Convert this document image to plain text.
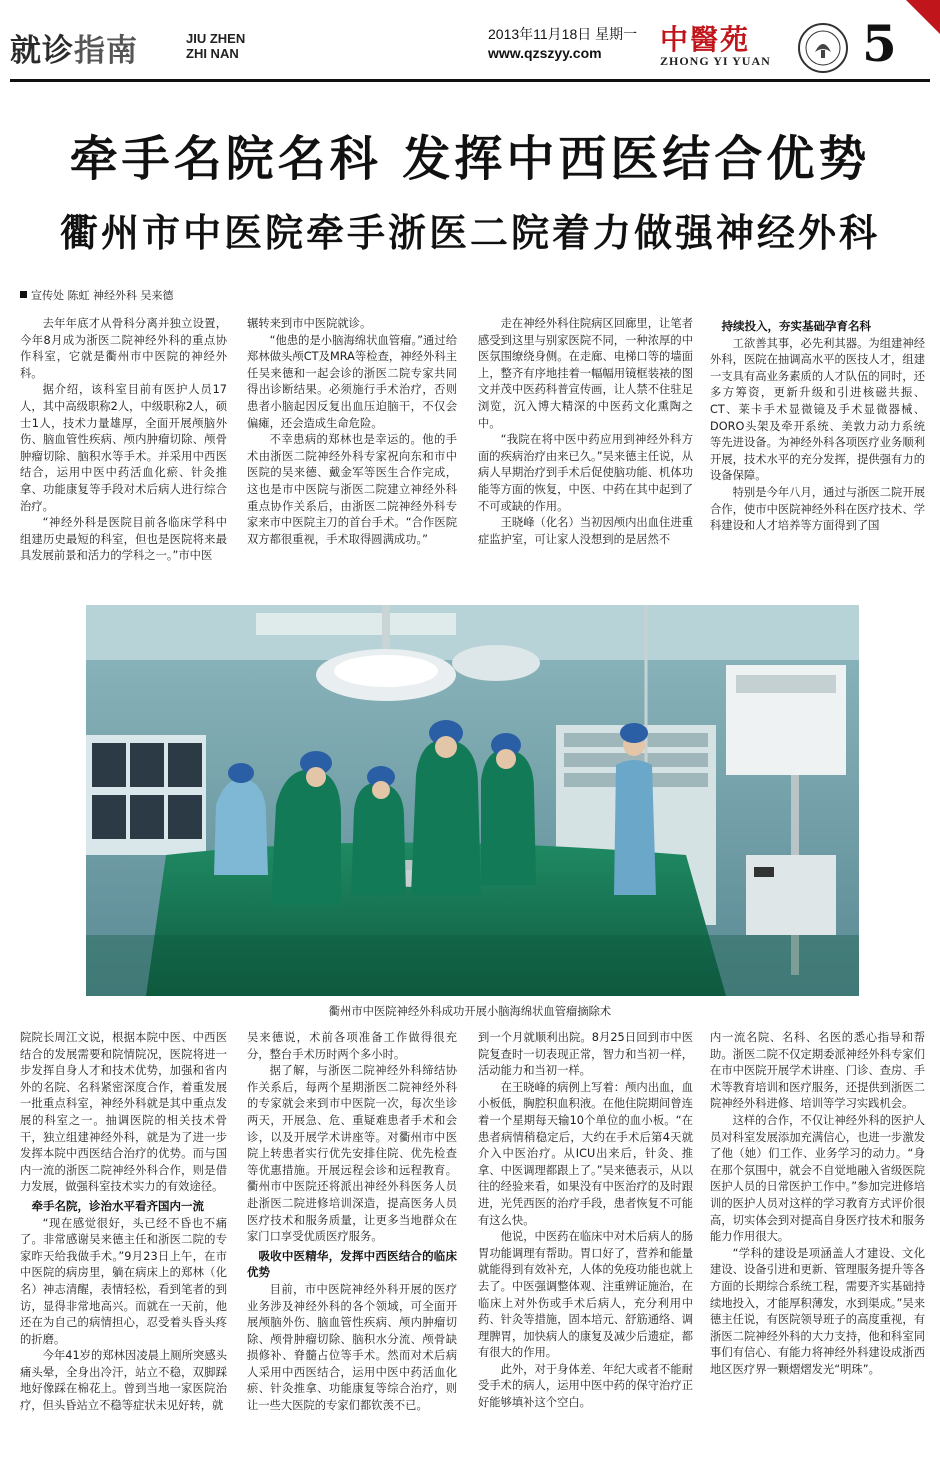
就诊指南	JIU ZHEN
ZHI NAN
2013年11月18日 星期一
www.qzszyy.com 中醫苑
ZHONG YI YUAN 5
牵手名院名科 发挥中西医结合优势
衢州市中医院牵手浙医二院着力做强神经外科
宣传处 陈虹 神经外科 吴来德

去年年底才从骨科分离并独立设置，今年8月成为浙医二院神经外科的重点协作科室，它就是衢州市中医院的神经外科。

据介绍，该科室目前有医护人员17人，其中高级职称2人，中级职称2人，硕士1人，技术力量雄厚，全面开展颅脑外伤、脑血管性疾病、颅内肿瘤切除、颅骨肿瘤切除、脑积水等手术。并采用中西医结合，运用中医中药活血化瘀、针灸推拿、功能康复等手段对术后病人进行综合治疗。

“神经外科是医院目前各临床学科中组建历史最短的科室，但也是医院将来最具发展前景和活力的学科之一。”市中医

辗转来到市中医院就诊。

“他患的是小脑海绵状血管瘤。”通过给郑林做头颅CT及MRA等检查，神经外科主任吴来德和一起会诊的浙医二院专家共同得出诊断结果。必须施行手术治疗，否则患者小脑起因反复出血压迫脑干，不仅会偏瘫，还会造成生命危险。

不幸患病的郑林也是幸运的。他的手术由浙医二院神经外科专家祝向东和市中医院的吴来德、戴金军等医生合作完成，这也是市中医院与浙医二院建立神经外科重点协作关系后，由浙医二院神经外科专家来市中医院主刀的首台手术。“合作医院双方都很重视，手术取得圆满成功。”

走在神经外科住院病区回廊里，让笔者感受到这里与别家医院不同，一种浓厚的中医氛围缭绕身侧。在走廊、电梯口等的墙面上，整齐有序地挂着一幅幅用镜框装裱的图文并茂中医药科普宣传画，让人禁不住驻足浏览，沉入博大精深的中医药文化熏陶之中。

“我院在将中医中药应用到神经外科方面的疾病治疗由来已久。”吴来德主任说，从病人早期治疗到手术后促使脑功能、机体功能等方面的恢复，中医、中药在其中起到了不可或缺的作用。

王晓峰（化名）当初因颅内出血住进重症监护室，可让家人没想到的是居然不

持续投入，夯实基础孕育名科

工欲善其事，必先利其器。为组建神经外科，医院在抽调高水平的医技人才，组建一支具有高业务素质的人才队伍的同时，还多方筹资，更新升级和引进核磁共振、CT、莱卡手术显微镜及手术显微器械、DORO头架及牵开系统、美敦力动力系统等先进设备。为神经外科各项医疗业务顺利开展，技术水平的充分发挥，提供强有力的设备保障。

特别是今年八月，通过与浙医二院开展合作，使市中医院神经外科在医疗技术、学科建设和人才培养等方面得到了国

衢州市中医院神经外科成功开展小脑海绵状血管瘤摘除术

院院长周江文说，根据本院中医、中西医结合的发展需要和院情院况，医院将进一步发挥自身人才和技术优势，加强和省内外的名院、名科紧密深度合作，着重发展一批重点科室，神经外科就是其中重点发展的科室之一。抽调医院的相关技术骨干，独立组建神经外科，就是为了进一步发挥本院中西医结合治疗的优势。而与国内一流的浙医二院神经外科合作，则是借力发展，做强科室技术实力的有效途径。

牵手名院，诊治水平看齐国内一流

“现在感觉很好，头已经不昏也不痛了。非常感谢吴来德主任和浙医二院的专家昨天给我做手术。”9月23日上午，在市中医院的病房里，躺在病床上的郑林（化名）神志清醒，表情轻松，看到笔者的到访，显得非常地高兴。而就在一天前，他还在为自己的病情担心，忍受着头昏头疼的折磨。

今年41岁的郑林因凌晨上厕所突感头痛头晕，全身出冷汗，站立不稳，双脚踩地好像踩在棉花上。曾到当地一家医院治疗，但头昏站立不稳等症状未见好转，就

吴来德说，术前各项准备工作做得很充分，整台手术历时两个多小时。

据了解，与浙医二院神经外科缔结协作关系后，每两个星期浙医二院神经外科的专家就会来到市中医院一次，每次坐诊两天，开展急、危、重疑难患者手术和会诊，以及开展学术讲座等。对衢州市中医院上转患者实行优先安排住院、优先检查等优惠措施。开展远程会诊和远程教育。衢州市中医院还将派出神经外科医务人员赴浙医二院进修培训深造，提高医务人员医疗技术和服务质量，让更多当地群众在家门口享受优质医疗服务。

吸收中医精华，发挥中西医结合的临床优势

目前，市中医院神经外科开展的医疗业务涉及神经外科的各个领域，可全面开展颅脑外伤、脑血管性疾病、颅内肿瘤切除、颅骨肿瘤切除、脑积水分流、颅骨缺损修补、脊髓占位等手术。然而对术后病人采用中西医结合，运用中医中药活血化瘀、针灸推拿、功能康复等综合治疗，则让一些大医院的专家们都钦羡不已。

到一个月就顺利出院。8月25日回到市中医院复查时一切表现正常，智力和当初一样，活动能力和当初一样。

在王晓峰的病例上写着：颅内出血，血小板低，胸腔积血积液。在他住院期间曾连着一个星期每天输10个单位的血小板。“在患者病情稍稳定后，大约在手术后第4天就介入中医治疗。从ICU出来后，针灸、推拿、中医调理都跟上了。”吴来德表示，从以往的经验来看，如果没有中医治疗的及时跟进，光凭西医的治疗手段，患者恢复不可能有这么快。

他说，中医药在临床中对术后病人的肠胃功能调理有帮助。胃口好了，营养和能量就能得到有效补充，人体的免疫功能也就上去了。中医强调整体观、注重辨证施治，在临床上对外伤或手术后病人，充分利用中药、针灸等措施，固本培元、舒筋通络、调理脾胃，加快病人的康复及减少后遗症，都有很大的作用。

此外，对于身体差、年纪大或者不能耐受手术的病人，运用中医中药的保守治疗正好能够填补这个空白。

内一流名院、名科、名医的悉心指导和帮助。浙医二院不仅定期委派神经外科专家们在市中医院开展学术讲座、门诊、查房、手术等教育培训和医疗服务，还提供到浙医二院神经外科进修、培训等学习实践机会。

这样的合作，不仅让神经外科的医护人员对科室发展添加充满信心，也进一步激发了他（她）们工作、业务学习的动力。“身在那个氛围中，就会不自觉地融入省级医院医护人员的日常医护工作中。”参加完进修培训的医护人员对这样的学习教育方式评价很高，切实体会到对提高自身医疗技术和服务能力作用很大。

“学科的建设是项涵盖人才建设、文化建设、设备引进和更新、管理服务提升等各方面的长期综合系统工程，需要齐实基础持续地投入，才能厚积薄发，水到渠成。”吴来德主任说，有医院领导班子的高度重视，有浙医二院神经外科的大力支持，他和科室同事们有信心、有能力将神经外科建设成浙西地区医疗界一颗熠熠发光“明珠”。
